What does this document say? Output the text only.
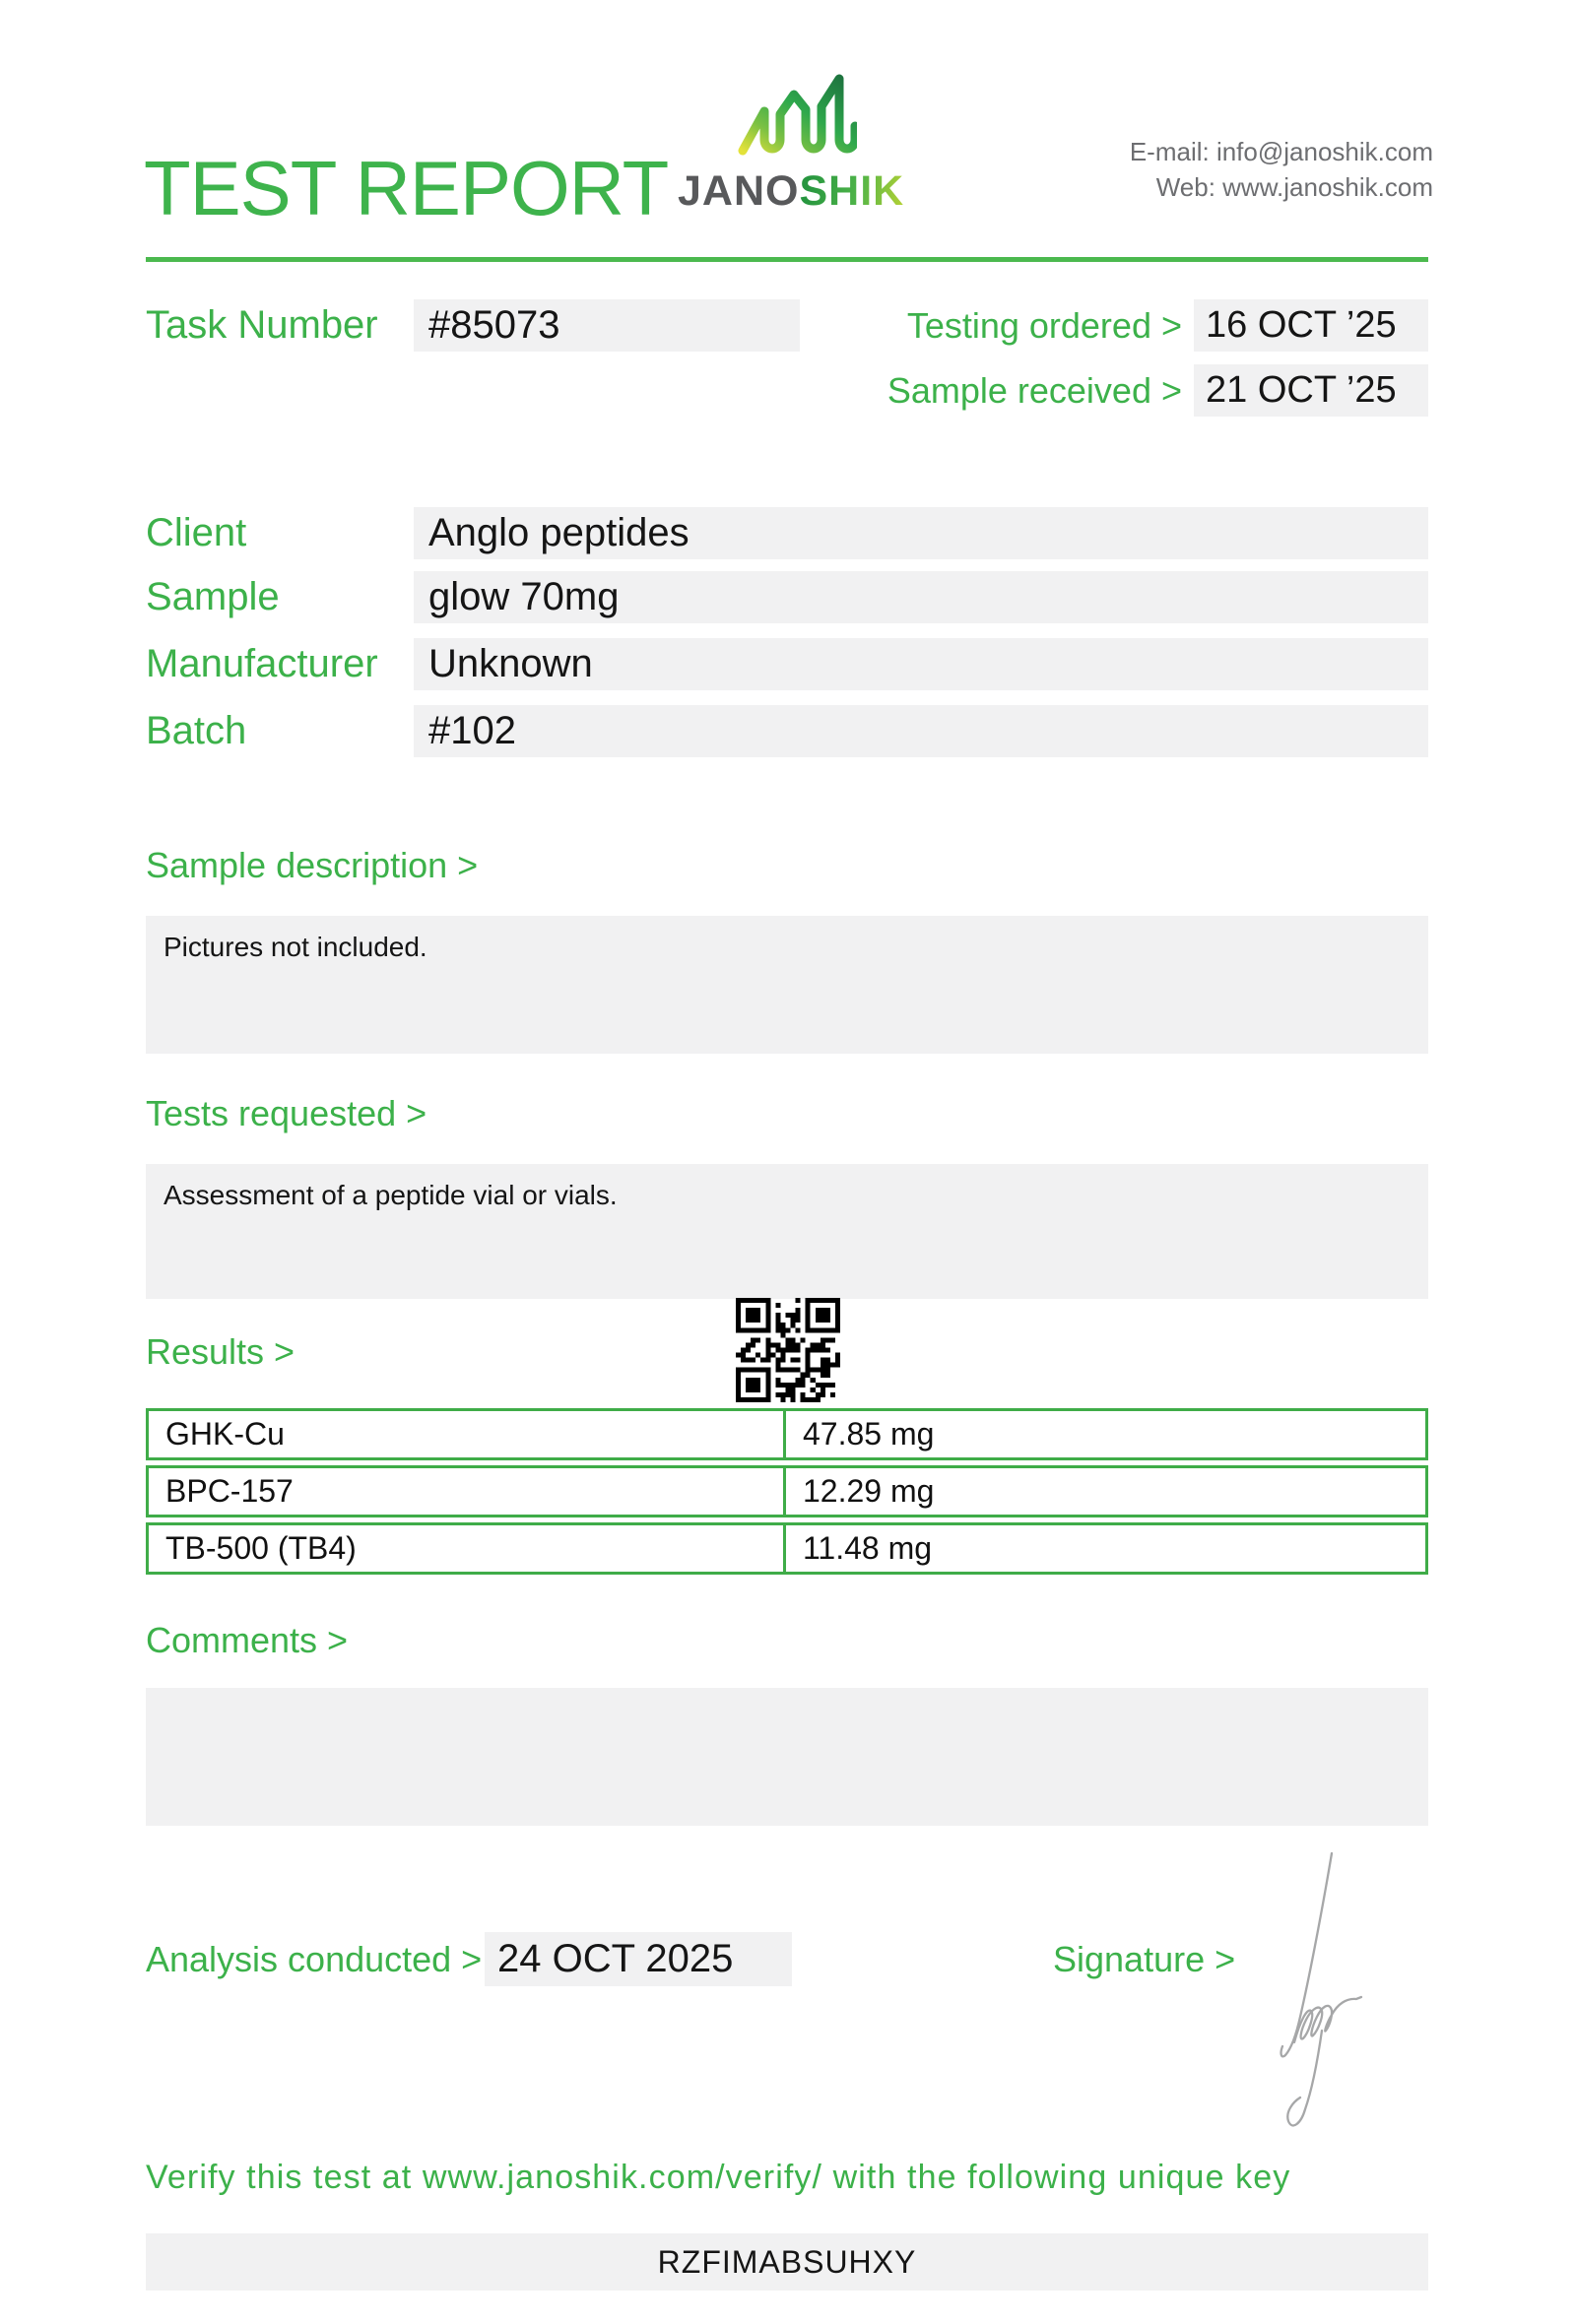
TEST REPORT JANOSHIK
E-mail: info@janoshik.com
Web: www.janoshik.com
Task Number	#85073	Testing ordered > 16 OCT ’25
Sample received > 21 OCT ’25
Client	Anglo peptides
Sample	glow 70mg
Manufacturer	Unknown
Batch	#102
Sample description >
Pictures not included.
Tests requested >
Assessment of a peptide vial or vials.
Results >
GHK-Cu	47.85 mg
BPC-157	12.29 mg
TB-500 (TB4)	11.48 mg
Comments >
Analysis conducted > 24 OCT 2025	Signature >
Verify this test at www.janoshik.com/verify/ with the following unique key
RZFIMABSUHXY
